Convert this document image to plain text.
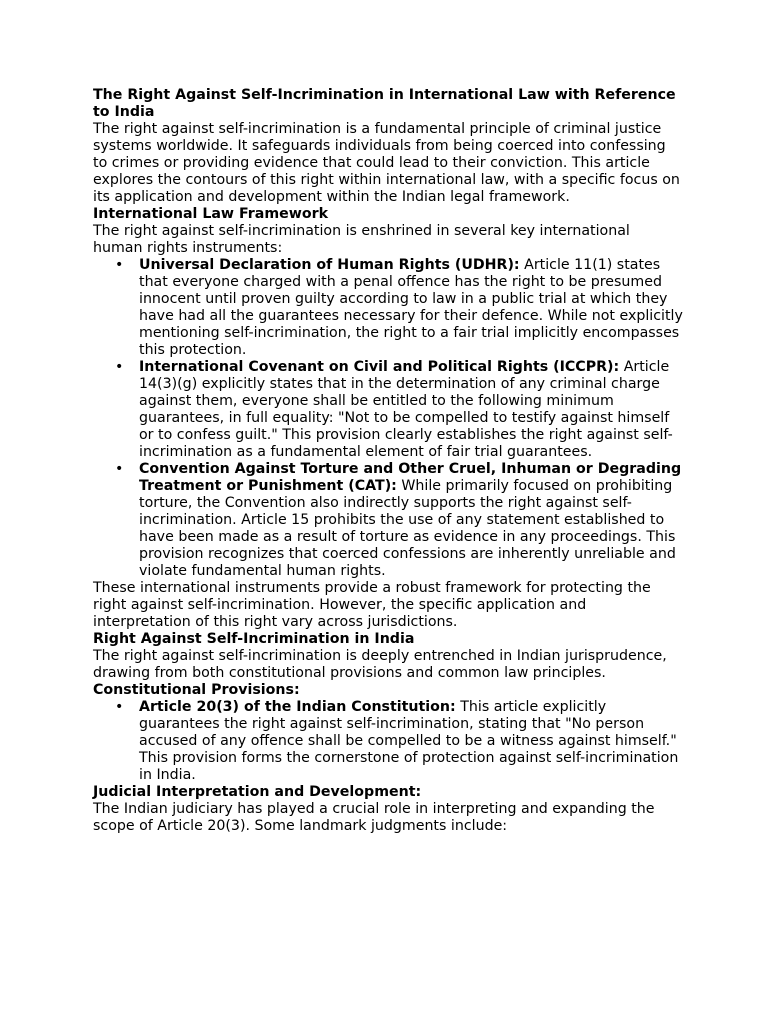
The Right Against Self-Incrimination in International Law with Reference to India

The right against self-incrimination is a fundamental principle of criminal justice systems worldwide. It safeguards individuals from being coerced into confessing to crimes or providing evidence that could lead to their conviction. This article explores the contours of this right within international law, with a specific focus on its application and development within the Indian legal framework.

International Law Framework

The right against self-incrimination is enshrined in several key international human rights instruments:

• Universal Declaration of Human Rights (UDHR): Article 11(1) states that everyone charged with a penal offence has the right to be presumed innocent until proven guilty according to law in a public trial at which they have had all the guarantees necessary for their defence. While not explicitly mentioning self-incrimination, the right to a fair trial implicitly encompasses this protection.
• International Covenant on Civil and Political Rights (ICCPR): Article 14(3)(g) explicitly states that in the determination of any criminal charge against them, everyone shall be entitled to the following minimum guarantees, in full equality: "Not to be compelled to testify against himself or to confess guilt." This provision clearly establishes the right against self-incrimination as a fundamental element of fair trial guarantees.
• Convention Against Torture and Other Cruel, Inhuman or Degrading Treatment or Punishment (CAT): While primarily focused on prohibiting torture, the Convention also indirectly supports the right against self-incrimination. Article 15 prohibits the use of any statement established to have been made as a result of torture as evidence in any proceedings. This provision recognizes that coerced confessions are inherently unreliable and violate fundamental human rights.

These international instruments provide a robust framework for protecting the right against self-incrimination. However, the specific application and interpretation of this right vary across jurisdictions.

Right Against Self-Incrimination in India

The right against self-incrimination is deeply entrenched in Indian jurisprudence, drawing from both constitutional provisions and common law principles.

Constitutional Provisions:
• Article 20(3) of the Indian Constitution: This article explicitly guarantees the right against self-incrimination, stating that "No person accused of any offence shall be compelled to be a witness against himself." This provision forms the cornerstone of protection against self-incrimination in India.
Judicial Interpretation and Development:

The Indian judiciary has played a crucial role in interpreting and expanding the scope of Article 20(3). Some landmark judgments include:
